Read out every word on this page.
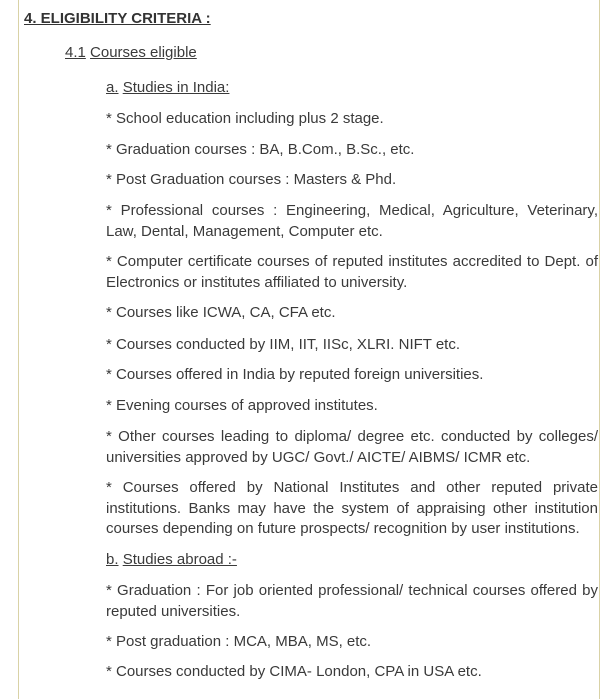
4. ELIGIBILITY CRITERIA :
4.1 Courses eligible
a. Studies in India:

* School education including plus 2 stage.

* Graduation courses : BA, B.Com., B.Sc., etc.

* Post Graduation courses : Masters & Phd.

* Professional courses : Engineering, Medical, Agriculture, Veterinary, Law, Dental, Management, Computer etc.

* Computer certificate courses of reputed institutes accredited to Dept. of Electronics or institutes affiliated to university.

* Courses like ICWA, CA, CFA etc.

* Courses conducted by IIM, IIT, IISc, XLRI. NIFT etc.

* Courses offered in India by reputed foreign universities.

* Evening courses of approved institutes.

* Other courses leading to diploma/ degree etc. conducted by colleges/ universities approved by UGC/ Govt./ AICTE/ AIBMS/ ICMR etc.

* Courses offered by National Institutes and other reputed private institutions. Banks may have the system of appraising other institution courses depending on future prospects/ recognition by user institutions.

b. Studies abroad :-

* Graduation : For job oriented professional/ technical courses offered by reputed universities.

* Post graduation : MCA, MBA, MS, etc.

* Courses conducted by CIMA- London, CPA in USA etc.
